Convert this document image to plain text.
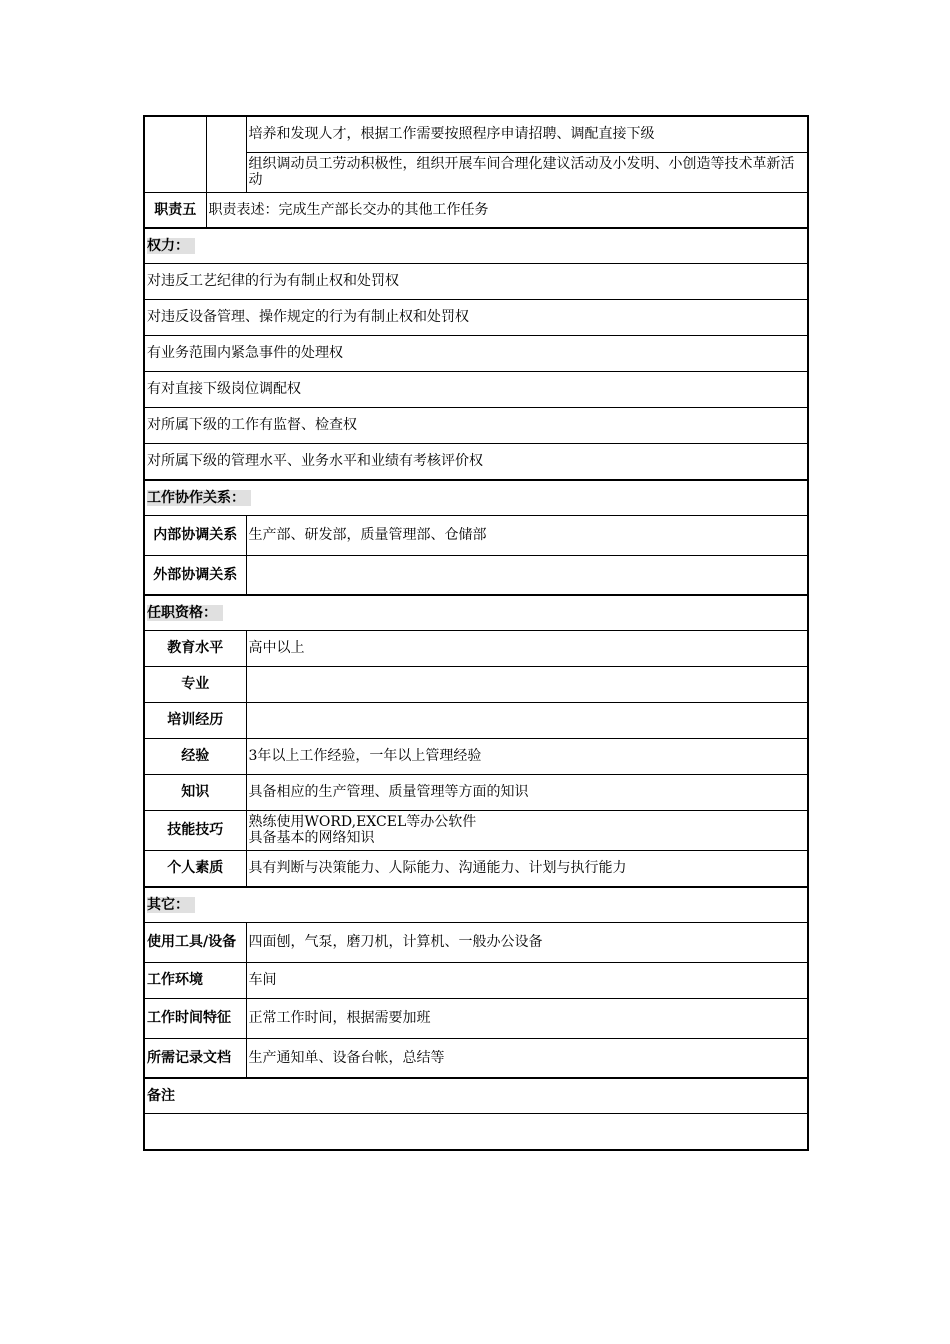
		培养和发现人才，根据工作需要按照程序申请招聘、调配直接下级
		组织调动员工劳动积极性，组织开展车间合理化建议活动及小发明、小创造等技术革新活动
职责五	职责表述：完成生产部长交办的其他工作任务	
权力：		
对违反工艺纪律的行为有制止权和处罚权		
对违反设备管理、操作规定的行为有制止权和处罚权		
有业务范围内紧急事件的处理权		
有对直接下级岗位调配权		
对所属下级的工作有监督、检查权		
对所属下级的管理水平、业务水平和业绩有考核评价权		
工作协作关系：		
内部协调关系		生产部、研发部，质量管理部、仓储部
外部协调关系		
任职资格：		
教育水平		高中以上
专业		
培训经历		
经验		3年以上工作经验，一年以上管理经验
知识		具备相应的生产管理、质量管理等方面的知识
技能技巧		熟练使用WORD,EXCEL等办公软件
具备基本的网络知识

个人素质		具有判断与决策能力、人际能力、沟通能力、计划与执行能力
其它：		
使用工具/设备		四面刨，气泵，磨刀机，计算机、一般办公设备
工作环境		车间
工作时间特征		正常工作时间，根据需要加班
所需记录文档		生产通知单、设备台帐，总结等
备注		
